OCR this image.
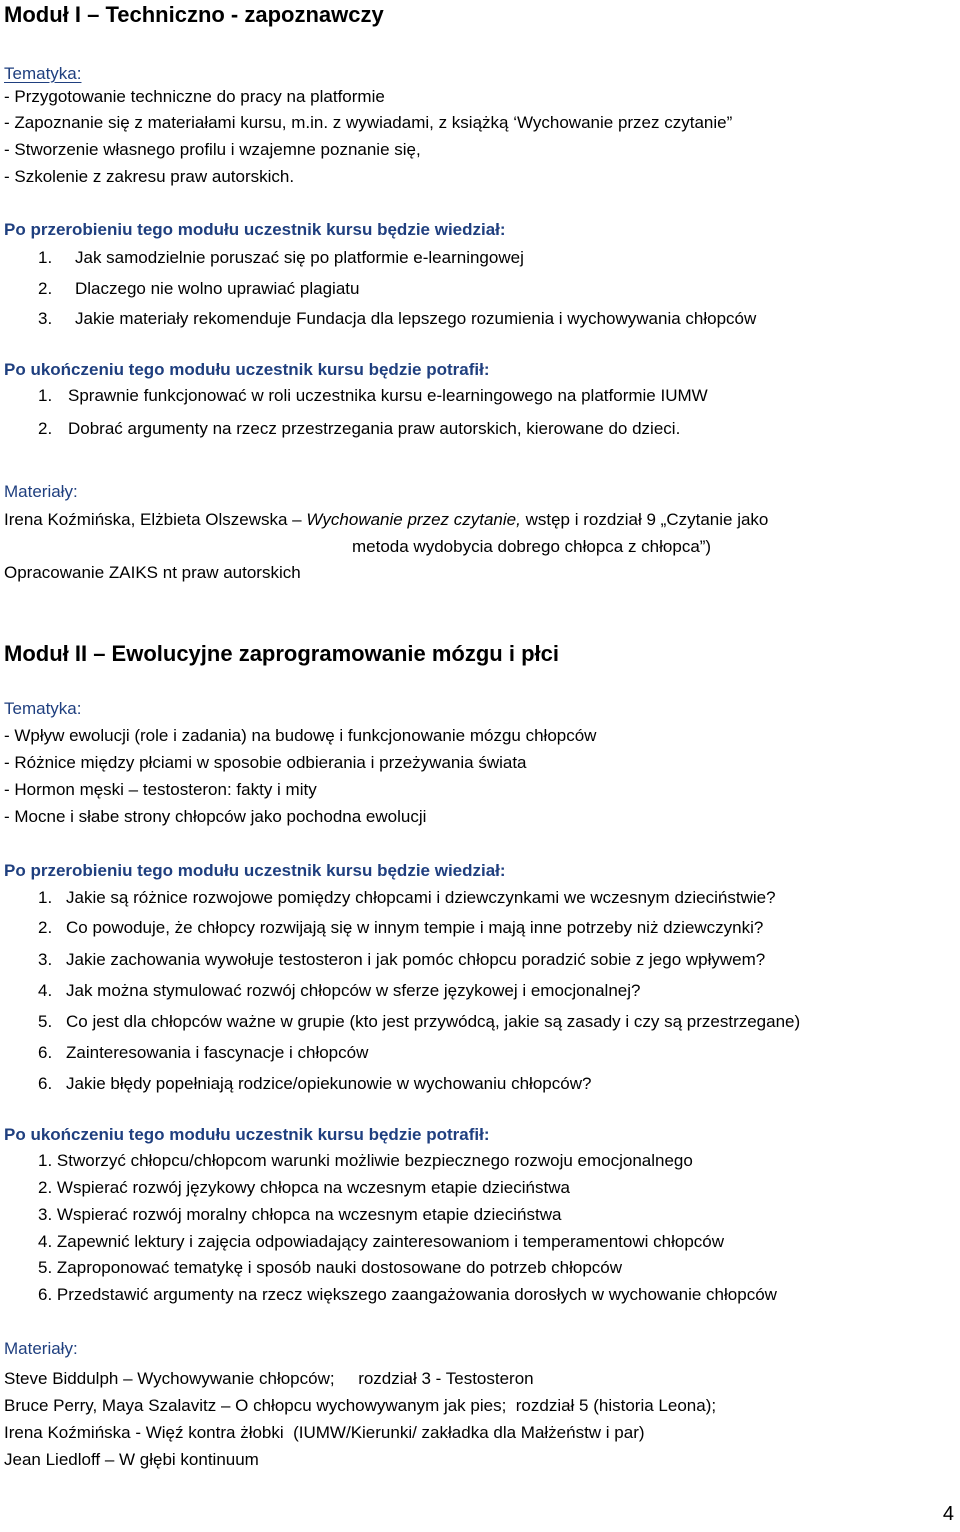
Moduł I – Techniczno - zapoznawczy
Tematyka:
- Przygotowanie techniczne do pracy na platformie
- Zapoznanie się z materiałami kursu, m.in. z wywiadami, z książką ‘Wychowanie przez czytanie”
- Stworzenie własnego profilu i wzajemne poznanie się,
- Szkolenie z zakresu praw autorskich.
Po przerobieniu tego modułu uczestnik kursu będzie wiedział:
1. Jak samodzielnie poruszać się po platformie e-learningowej
2. Dlaczego nie wolno uprawiać plagiatu
3. Jakie materiały rekomenduje Fundacja dla lepszego rozumienia i wychowywania chłopców
Po ukończeniu tego modułu uczestnik kursu będzie potrafił:
1. Sprawnie funkcjonować w roli uczestnika kursu e-learningowego na platformie IUMW
2. Dobrać argumenty na rzecz przestrzegania praw autorskich, kierowane do dzieci.
Materiały:
Irena Koźmińska, Elżbieta Olszewska – Wychowanie przez czytanie, wstęp i rozdział 9 „Czytanie jako
metoda wydobycia dobrego chłopca z chłopca”)
Opracowanie ZAIKS nt praw autorskich
Moduł II – Ewolucyjne zaprogramowanie mózgu i płci
Tematyka:
- Wpływ ewolucji (role i zadania) na budowę i funkcjonowanie mózgu chłopców
- Różnice między płciami w sposobie odbierania i przeżywania świata
- Hormon męski – testosteron: fakty i mity
- Mocne i słabe strony chłopców jako pochodna ewolucji
Po przerobieniu tego modułu uczestnik kursu będzie wiedział:
1. Jakie są różnice rozwojowe pomiędzy chłopcami i dziewczynkami we wczesnym dzieciństwie?
2. Co powoduje, że chłopcy rozwijają się w innym tempie i mają inne potrzeby niż dziewczynki?
3. Jakie zachowania wywołuje testosteron i jak pomóc chłopcu poradzić sobie z jego wpływem?
4. Jak można stymulować rozwój chłopców w sferze językowej i emocjonalnej?
5. Co jest dla chłopców ważne w grupie (kto jest przywódcą, jakie są zasady i czy są przestrzegane)
6. Zainteresowania i fascynacje i chłopców
6. Jakie błędy popełniają rodzice/opiekunowie w wychowaniu chłopców?
Po ukończeniu tego modułu uczestnik kursu będzie potrafił:
1. Stworzyć chłopcu/chłopcom warunki możliwie bezpiecznego rozwoju emocjonalnego
2. Wspierać rozwój językowy chłopca na wczesnym etapie dzieciństwa
3. Wspierać rozwój moralny chłopca na wczesnym etapie dzieciństwa
4. Zapewnić lektury i zajęcia odpowiadający zainteresowaniom i temperamentowi chłopców
5. Zaproponować tematykę i sposób nauki dostosowane do potrzeb chłopców
6. Przedstawić argumenty na rzecz większego zaangażowania dorosłych w wychowanie chłopców
Materiały:
Steve Biddulph – Wychowywanie chłopców;     rozdział 3 - Testosteron
Bruce Perry, Maya Szalavitz – O chłopcu wychowywanym jak pies;  rozdział 5 (historia Leona);
Irena Koźmińska - Więź kontra żłobki  (IUMW/Kierunki/ zakładka dla Małżeństw i par)
Jean Liedloff – W głębi kontinuum
4
